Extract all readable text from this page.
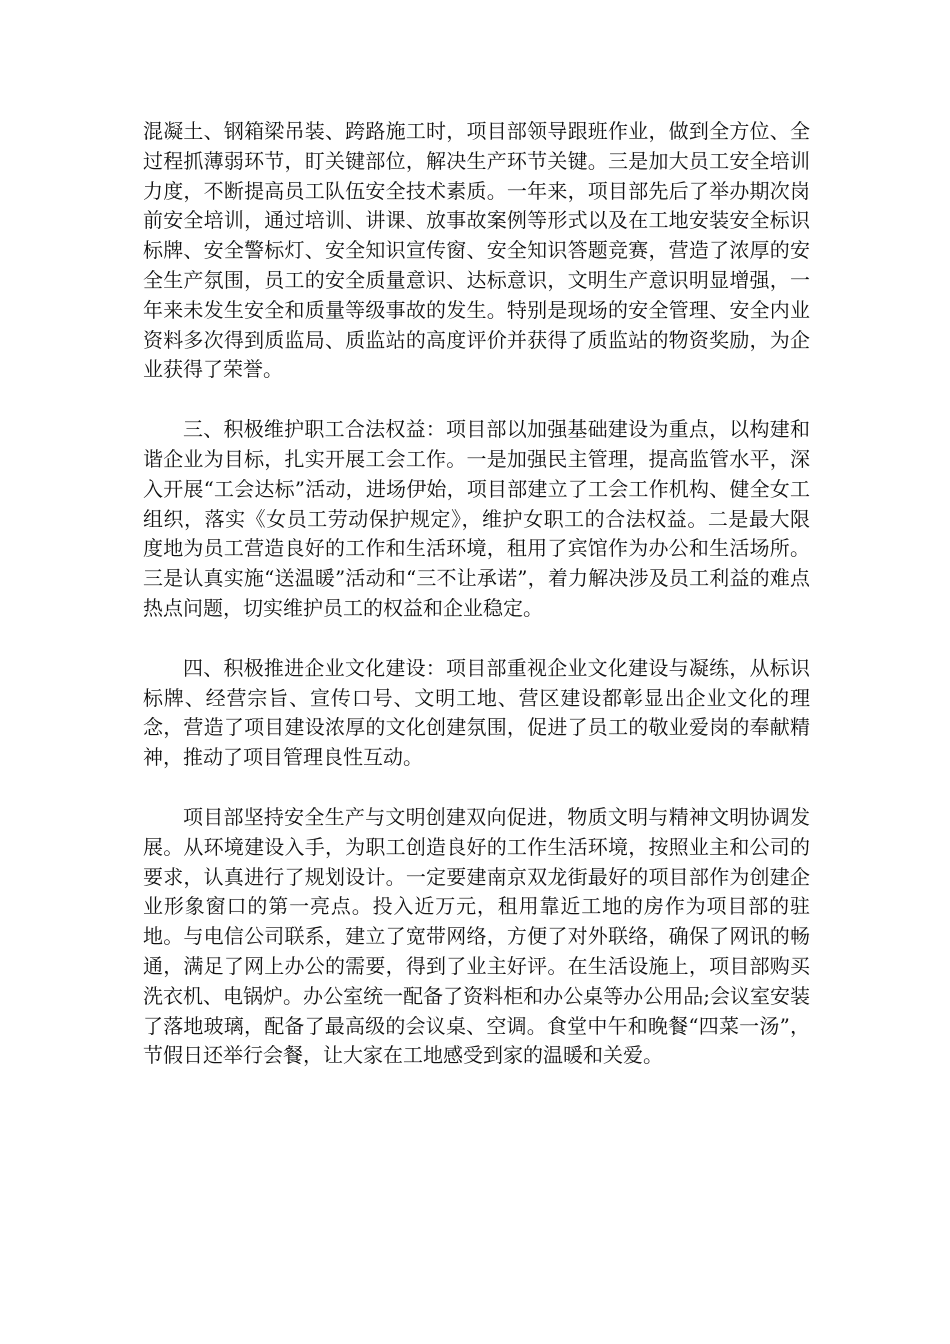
混凝土、钢箱梁吊装、跨路施工时，项目部领导跟班作业，做到全方位、全过程抓薄弱环节，盯关键部位，解决生产环节关键。三是加大员工安全培训力度，不断提高员工队伍安全技术素质。一年来，项目部先后了举办期次岗前安全培训，通过培训、讲课、放事故案例等形式以及在工地安装安全标识标牌、安全警标灯、安全知识宣传窗、安全知识答题竞赛，营造了浓厚的安全生产氛围，员工的安全质量意识、达标意识，文明生产意识明显增强，一年来未发生安全和质量等级事故的发生。特别是现场的安全管理、安全内业资料多次得到质监局、质监站的高度评价并获得了质监站的物资奖励，为企业获得了荣誉。

三、积极维护职工合法权益：项目部以加强基础建设为重点，以构建和谐企业为目标，扎实开展工会工作。一是加强民主管理，提高监管水平，深入开展“工会达标”活动，进场伊始，项目部建立了工会工作机构、健全女工组织，落实《女员工劳动保护规定》，维护女职工的合法权益。二是最大限度地为员工营造良好的工作和生活环境，租用了宾馆作为办公和生活场所。三是认真实施“送温暖”活动和“三不让承诺”，着力解决涉及员工利益的难点热点问题，切实维护员工的权益和企业稳定。

四、积极推进企业文化建设：项目部重视企业文化建设与凝练，从标识标牌、经营宗旨、宣传口号、文明工地、营区建设都彰显出企业文化的理念，营造了项目建设浓厚的文化创建氛围，促进了员工的敬业爱岗的奉献精神，推动了项目管理良性互动。

项目部坚持安全生产与文明创建双向促进，物质文明与精神文明协调发展。从环境建设入手，为职工创造良好的工作生活环境，按照业主和公司的要求，认真进行了规划设计。一定要建南京双龙街最好的项目部作为创建企业形象窗口的第一亮点。投入近万元，租用靠近工地的房作为项目部的驻地。与电信公司联系，建立了宽带网络，方便了对外联络，确保了网讯的畅通，满足了网上办公的需要，得到了业主好评。在生活设施上，项目部购买洗衣机、电锅炉。办公室统一配备了资料柜和办公桌等办公用品;会议室安装了落地玻璃，配备了最高级的会议桌、空调。食堂中午和晚餐“四菜一汤”，节假日还举行会餐，让大家在工地感受到家的温暖和关爱。
